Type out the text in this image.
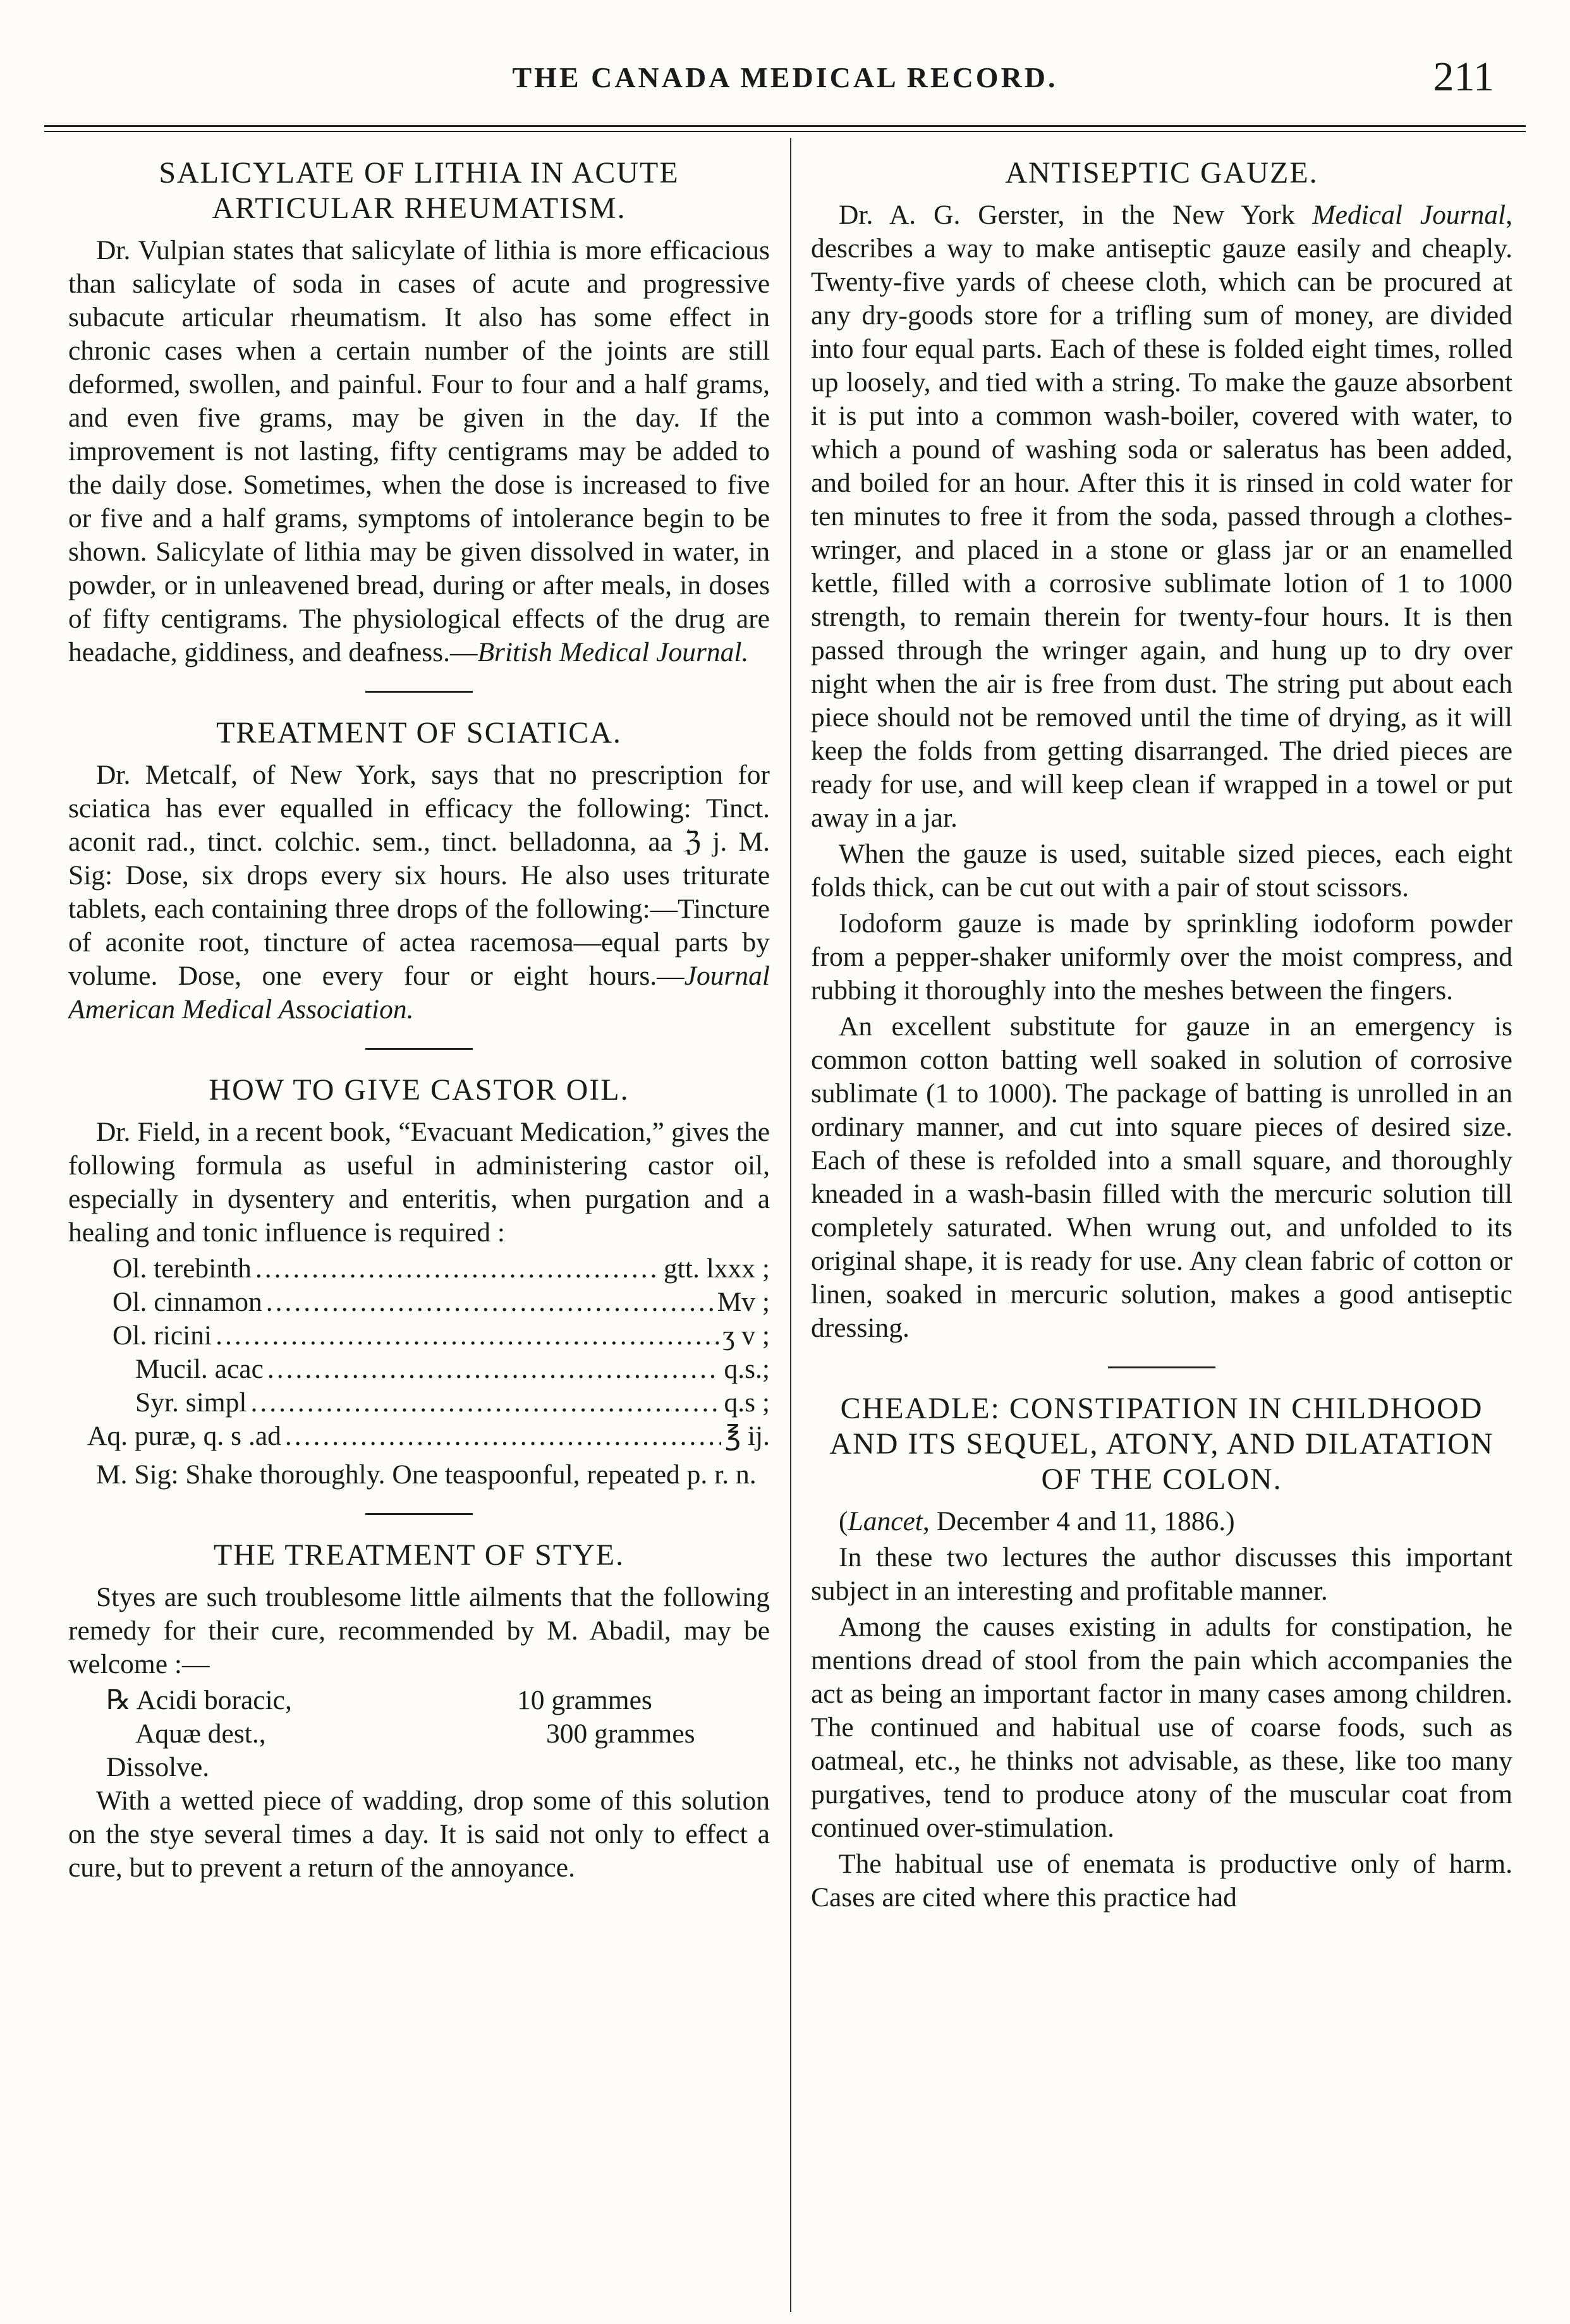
THE CANADA MEDICAL RECORD.	211
SALICYLATE OF LITHIA IN ACUTE ARTICULAR RHEUMATISM.

Dr. Vulpian states that salicylate of lithia is more efficacious than salicylate of soda in cases of acute and progressive subacute articular rheumatism. It also has some effect in chronic cases when a certain number of the joints are still deformed, swollen, and painful. Four to four and a half grams, and even five grams, may be given in the day. If the improvement is not lasting, fifty centigrams may be added to the daily dose. Sometimes, when the dose is increased to five or five and a half grams, symptoms of intolerance begin to be shown. Salicylate of lithia may be given dissolved in water, in powder, or in unleavened bread, during or after meals, in doses of fifty centigrams. The physiological effects of the drug are headache, giddiness, and deafness.—British Medical Journal.

TREATMENT OF SCIATICA.

Dr. Metcalf, of New York, says that no prescription for sciatica has ever equalled in efficacy the following: Tinct. aconit rad., tinct. colchic. sem., tinct. belladonna, aa ℨ j. M. Sig: Dose, six drops every six hours. He also uses triturate tablets, each containing three drops of the following:—Tincture of aconite root, tincture of actea racemosa—equal parts by volume. Dose, one every four or eight hours.—Journal American Medical Association.

HOW TO GIVE CASTOR OIL.

Dr. Field, in a recent book, “Evacuant Medication,” gives the following formula as useful in administering castor oil, especially in dysentery and enteritis, when purgation and a healing and tonic influence is required :

Ol. terebinth .....	gtt. lxxx ;
Ol. cinnamon .....	Mv ;
Ol. ricini .....	ʒ v ;
Mucil. acac .....	q.s.;
Syr. simpl .....	q.s ;
Aq. puræ, q. s .ad .....	℥ ij.

M. Sig: Shake thoroughly. One teaspoonful, repeated p. r. n.

THE TREATMENT OF STYE.

Styes are such troublesome little ailments that the following remedy for their cure, recommended by M. Abadil, may be welcome :—

℞ Acidi boracic,	10 grammes
Aquæ dest.,	300 grammes
Dissolve.

With a wetted piece of wadding, drop some of this solution on the stye several times a day. It is said not only to effect a cure, but to prevent a return of the annoyance.

ANTISEPTIC GAUZE.

Dr. A. G. Gerster, in the New York Medical Journal, describes a way to make antiseptic gauze easily and cheaply. Twenty-five yards of cheese cloth, which can be procured at any dry-goods store for a trifling sum of money, are divided into four equal parts. Each of these is folded eight times, rolled up loosely, and tied with a string. To make the gauze absorbent it is put into a common wash-boiler, covered with water, to which a pound of washing soda or saleratus has been added, and boiled for an hour. After this it is rinsed in cold water for ten minutes to free it from the soda, passed through a clothes-wringer, and placed in a stone or glass jar or an enamelled kettle, filled with a corrosive sublimate lotion of 1 to 1000 strength, to remain therein for twenty-four hours. It is then passed through the wringer again, and hung up to dry over night when the air is free from dust. The string put about each piece should not be removed until the time of drying, as it will keep the folds from getting disarranged. The dried pieces are ready for use, and will keep clean if wrapped in a towel or put away in a jar.

When the gauze is used, suitable sized pieces, each eight folds thick, can be cut out with a pair of stout scissors.

Iodoform gauze is made by sprinkling iodoform powder from a pepper-shaker uniformly over the moist compress, and rubbing it thoroughly into the meshes between the fingers.

An excellent substitute for gauze in an emergency is common cotton batting well soaked in solution of corrosive sublimate (1 to 1000). The package of batting is unrolled in an ordinary manner, and cut into square pieces of desired size. Each of these is refolded into a small square, and thoroughly kneaded in a wash-basin filled with the mercuric solution till completely saturated. When wrung out, and unfolded to its original shape, it is ready for use. Any clean fabric of cotton or linen, soaked in mercuric solution, makes a good antiseptic dressing.

CHEADLE: CONSTIPATION IN CHILDHOOD AND ITS SEQUEL, ATONY, AND DILATATION OF THE COLON.

(Lancet, December 4 and 11, 1886.)

In these two lectures the author discusses this important subject in an interesting and profitable manner.

Among the causes existing in adults for constipation, he mentions dread of stool from the pain which accompanies the act as being an important factor in many cases among children. The continued and habitual use of coarse foods, such as oatmeal, etc., he thinks not advisable, as these, like too many purgatives, tend to produce atony of the muscular coat from continued over-stimulation.

The habitual use of enemata is productive only of harm. Cases are cited where this practice had
